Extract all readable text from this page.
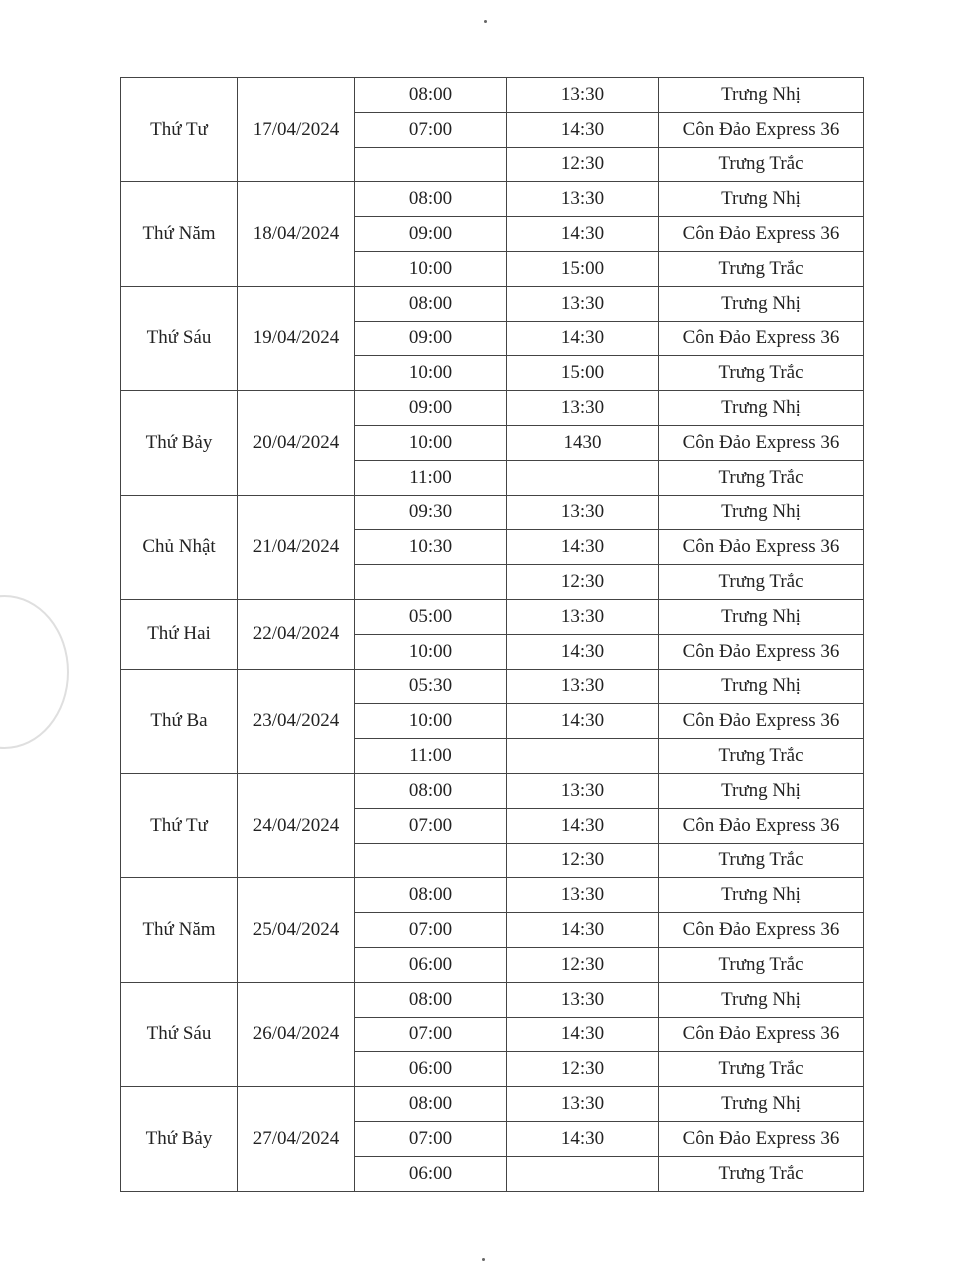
Thứ Tư	17/04/2024	08:00	13:30	Trưng Nhị
		07:00	14:30	Côn Đảo Express 36
			12:30	Trưng Trắc
Thứ Năm	18/04/2024	08:00	13:30	Trưng Nhị
		09:00	14:30	Côn Đảo Express 36
		10:00	15:00	Trưng Trắc
Thứ Sáu	19/04/2024	08:00	13:30	Trưng Nhị
		09:00	14:30	Côn Đảo Express 36
		10:00	15:00	Trưng Trắc
Thứ Bảy	20/04/2024	09:00	13:30	Trưng Nhị
		10:00	1430	Côn Đảo Express 36
		11:00		Trưng Trắc
Chủ Nhật	21/04/2024	09:30	13:30	Trưng Nhị
		10:30	14:30	Côn Đảo Express 36
			12:30	Trưng Trắc
Thứ Hai	22/04/2024	05:00	13:30	Trưng Nhị
		10:00	14:30	Côn Đảo Express 36
Thứ Ba	23/04/2024	05:30	13:30	Trưng Nhị
		10:00	14:30	Côn Đảo Express 36
		11:00		Trưng Trắc
Thứ Tư	24/04/2024	08:00	13:30	Trưng Nhị
		07:00	14:30	Côn Đảo Express 36
			12:30	Trưng Trắc
Thứ Năm	25/04/2024	08:00	13:30	Trưng Nhị
		07:00	14:30	Côn Đảo Express 36
		06:00	12:30	Trưng Trắc
Thứ Sáu	26/04/2024	08:00	13:30	Trưng Nhị
		07:00	14:30	Côn Đảo Express 36
		06:00	12:30	Trưng Trắc
Thứ Bảy	27/04/2024	08:00	13:30	Trưng Nhị
		07:00	14:30	Côn Đảo Express 36
		06:00		Trưng Trắc
